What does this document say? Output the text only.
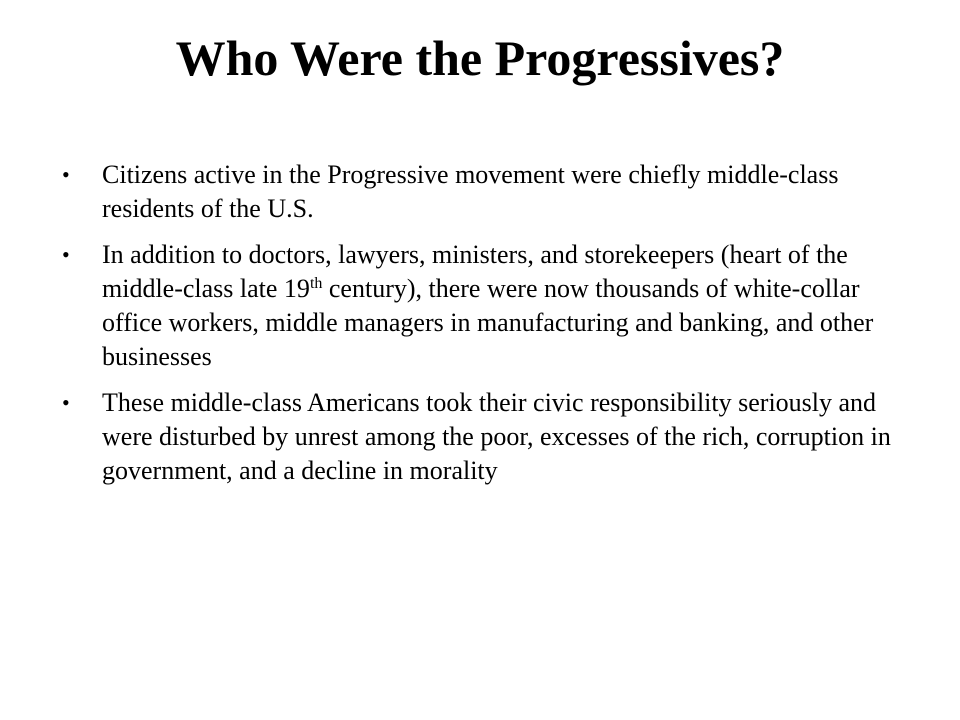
Who Were the Progressives?
•	Citizens active in the Progressive movement were chiefly middle-class residents of the U.S.
•	In addition to doctors, lawyers, ministers, and storekeepers (heart of the middle-class late 19th century), there were now thousands of white-collar office workers, middle managers in manufacturing and banking, and other businesses
•	These middle-class Americans took their civic responsibility seriously and were disturbed by unrest among the poor, excesses of the rich, corruption in government, and a decline in morality
